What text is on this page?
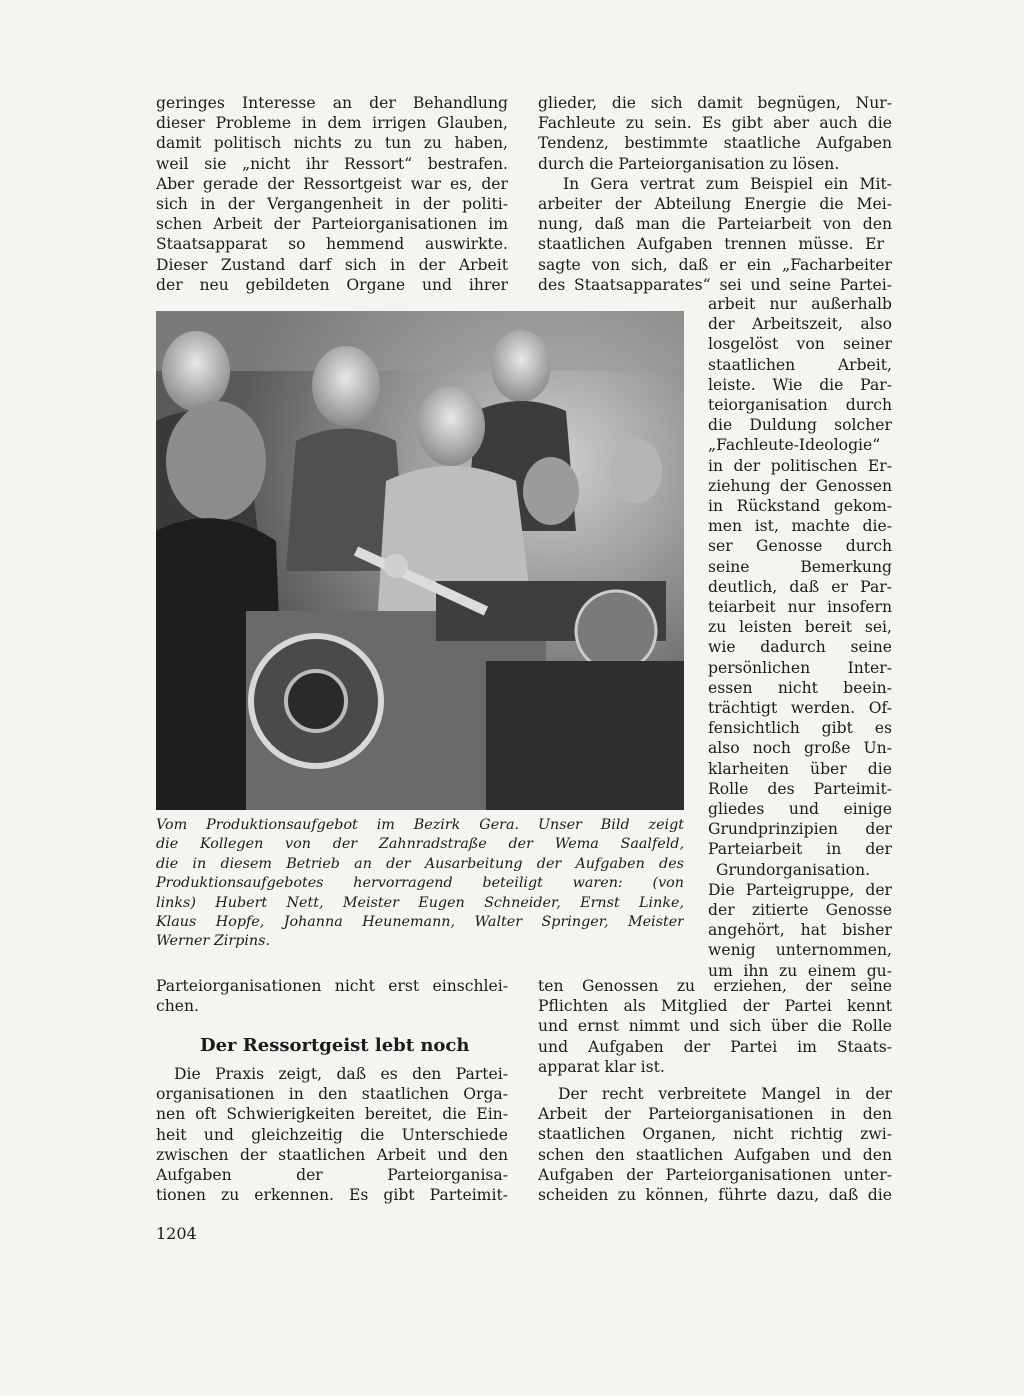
geringes Interesse an der Behandlung
dieser Probleme in dem irrigen Glauben,
damit politisch nichts zu tun zu haben,
weil sie „nicht ihr Ressort“ bestrafen.
Aber gerade der Ressortgeist war es, der
sich in der Vergangenheit in der politi-
schen Arbeit der Parteiorganisationen im
Staatsapparat so hemmend auswirkte.
Dieser Zustand darf sich in der Arbeit
der neu gebildeten Organe und ihrer
glieder, die sich damit begnügen, Nur-
Fachleute zu sein. Es gibt aber auch die
Tendenz, bestimmte staatliche Aufgaben
durch die Parteiorganisation zu lösen.
In Gera vertrat zum Beispiel ein Mit-
arbeiter der Abteilung Energie die Mei-
nung, daß man die Parteiarbeit von den
staatlichen Aufgaben trennen müsse. Er
sagte von sich, daß er ein „Facharbeiter
des Staatsapparates“ sei und seine Partei-
arbeit nur außerhalb
der Arbeitszeit, also
losgelöst von seiner
staatlichen Arbeit,
leiste. Wie die Par-
teiorganisation durch
die Duldung solcher
„Fachleute-Ideologie“
in der politischen Er-
ziehung der Genossen
in Rückstand gekom-
men ist, machte die-
ser Genosse durch
seine Bemerkung
deutlich, daß er Par-
teiarbeit nur insofern
zu leisten bereit sei,
wie dadurch seine
persönlichen Inter-
essen nicht beein-
trächtigt werden. Of-
fensichtlich gibt es
also noch große Un-
klarheiten über die
Rolle des Parteimit-
gliedes und einige
Grundprinzipien der
Parteiarbeit in der
Grundorganisation.
Die Parteigruppe, der
der zitierte Genosse
angehört, hat bisher
wenig unternommen,
um ihn zu einem gu-
Vom Produktionsaufgebot im Bezirk Gera. Unser Bild zeigt
die Kollegen von der Zahnradstraße der Wema Saalfeld,
die in diesem Betrieb an der Ausarbeitung der Aufgaben des
Produktionsaufgebotes hervorragend beteiligt waren: (von
links) Hubert Nett, Meister Eugen Schneider, Ernst Linke,
Klaus Hopfe, Johanna Heunemann, Walter Springer, Meister
Werner Zirpins.
Parteiorganisationen nicht erst einschlei-
chen.
Der Ressortgeist lebt noch
Die Praxis zeigt, daß es den Partei-
organisationen in den staatlichen Orga-
nen oft Schwierigkeiten bereitet, die Ein-
heit und gleichzeitig die Unterschiede
zwischen der staatlichen Arbeit und den
Aufgaben der Parteiorganisa-
tionen zu erkennen. Es gibt Parteimit-
ten Genossen zu erziehen, der seine
Pflichten als Mitglied der Partei kennt
und ernst nimmt und sich über die Rolle
und Aufgaben der Partei im Staats-
apparat klar ist.
Der recht verbreitete Mangel in der
Arbeit der Parteiorganisationen in den
staatlichen Organen, nicht richtig zwi-
schen den staatlichen Aufgaben und den
Aufgaben der Parteiorganisationen unter-
scheiden zu können, führte dazu, daß die
1204
